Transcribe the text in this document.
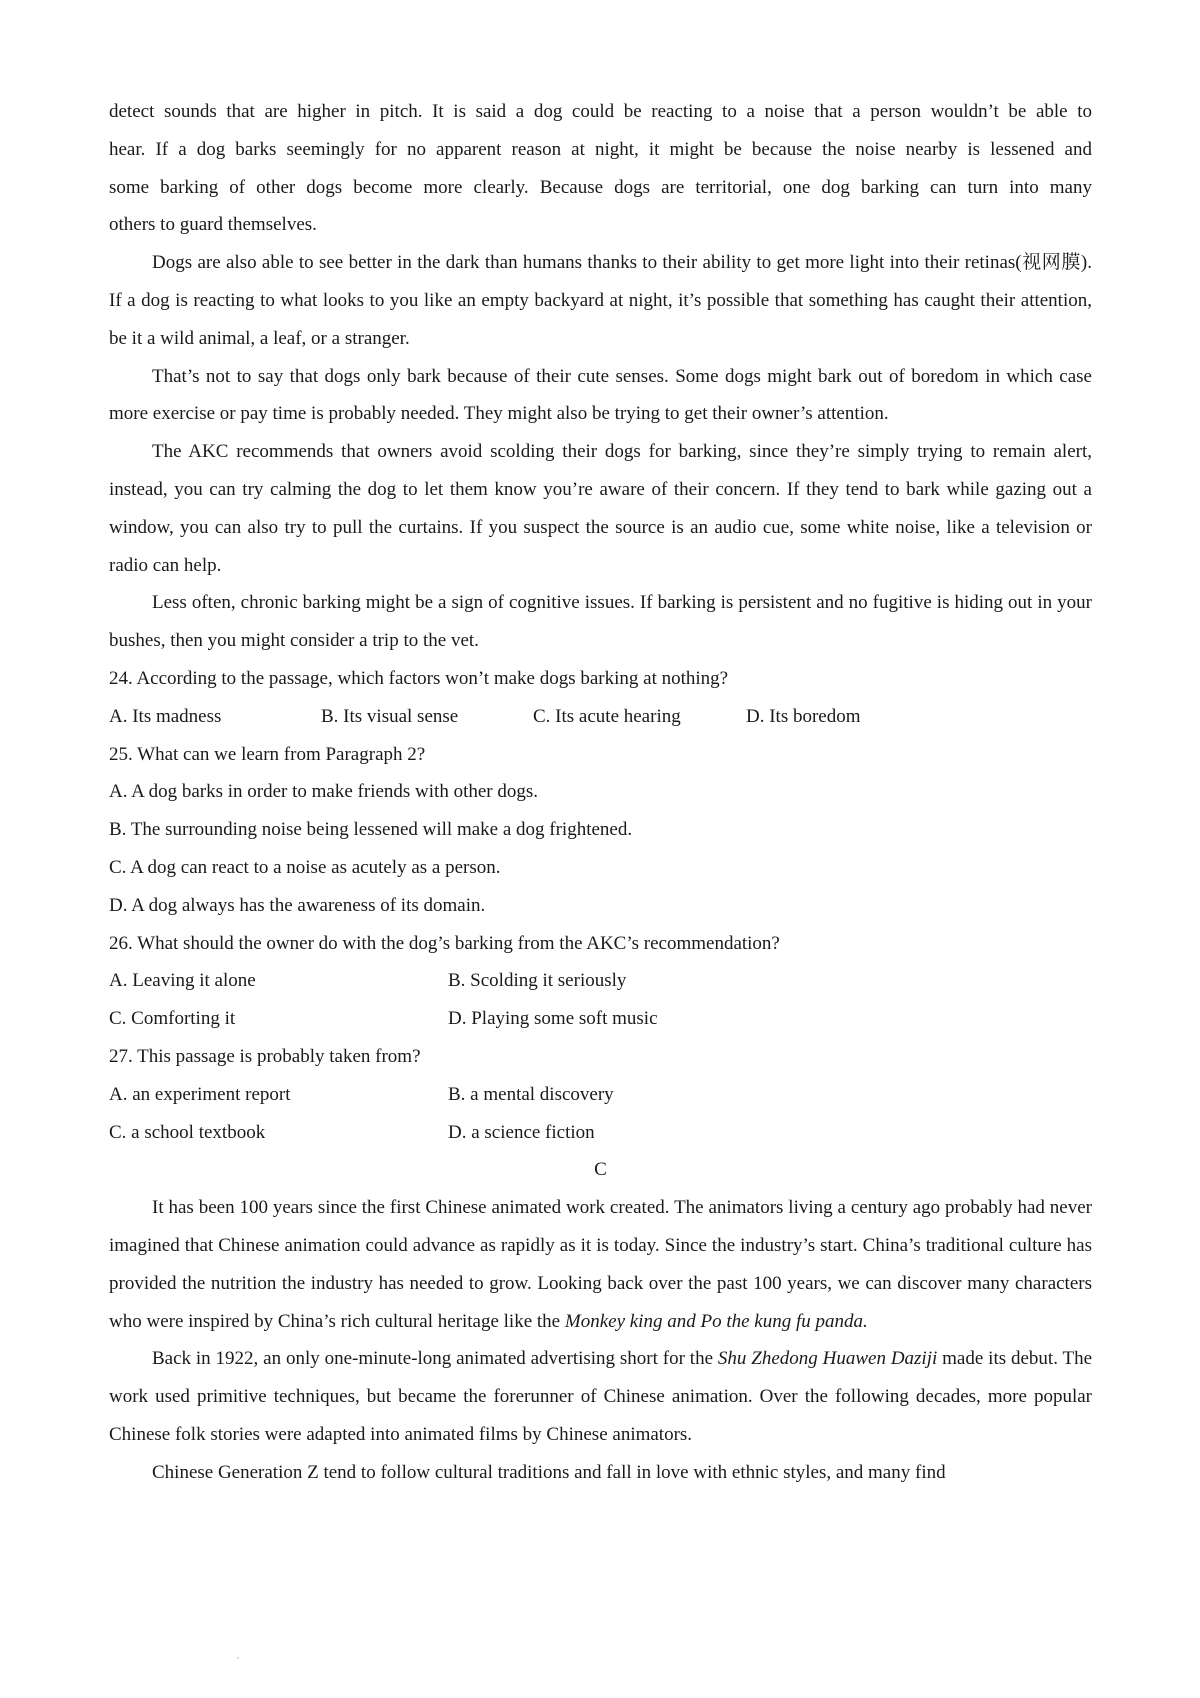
detect sounds that are higher in pitch. It is said a dog could be reacting to a noise that a person wouldn’t be able to
hear. If a dog barks seemingly for no apparent reason at night, it might be because the noise nearby is lessened and
some barking of other dogs become more clearly. Because dogs are territorial, one dog barking can turn into many
others to guard themselves.

Dogs are also able to see better in the dark than humans thanks to their ability to get more light into their retinas(视网膜). If a dog is reacting to what looks to you like an empty backyard at night, it’s possible that something has caught their attention, be it a wild animal, a leaf, or a stranger.

That’s not to say that dogs only bark because of their cute senses. Some dogs might bark out of boredom in which case more exercise or pay time is probably needed. They might also be trying to get their owner’s attention.

The AKC recommends that owners avoid scolding their dogs for barking, since they’re simply trying to remain alert, instead, you can try calming the dog to let them know you’re aware of their concern. If they tend to bark while gazing out a window, you can also try to pull the curtains. If you suspect the source is an audio cue, some white noise, like a television or radio can help.

Less often, chronic barking might be a sign of cognitive issues. If barking is persistent and no fugitive is hiding out in your bushes, then you might consider a trip to the vet.

24. According to the passage, which factors won’t make dogs barking at nothing?
A. Its madness	B. Its visual sense	C. Its acute hearing	D. Its boredom
25. What can we learn from Paragraph 2?
A. A dog barks in order to make friends with other dogs.
B. The surrounding noise being lessened will make a dog frightened.
C. A dog can react to a noise as acutely as a person.
D. A dog always has the awareness of its domain.
26. What should the owner do with the dog’s barking from the AKC’s recommendation?
A. Leaving it alone	B. Scolding it seriously
C. Comforting it	D. Playing some soft music
27. This passage is probably taken from?
A. an experiment report	B. a mental discovery
C. a school textbook	D. a science fiction
C

It has been 100 years since the first Chinese animated work created. The animators living a century ago probably had never imagined that Chinese animation could advance as rapidly as it is today. Since the industry’s start. China’s traditional culture has provided the nutrition the industry has needed to grow. Looking back over the past 100 years, we can discover many characters who were inspired by China’s rich cultural heritage like the Monkey king and Po the kung fu panda.

Back in 1922, an only one-minute-long animated advertising short for the Shu Zhedong Huawen Daziji made its debut. The work used primitive techniques, but became the forerunner of Chinese animation. Over the following decades, more popular Chinese folk stories were adapted into animated films by Chinese animators.

Chinese Generation Z tend to follow cultural traditions and fall in love with ethnic styles, and many find
